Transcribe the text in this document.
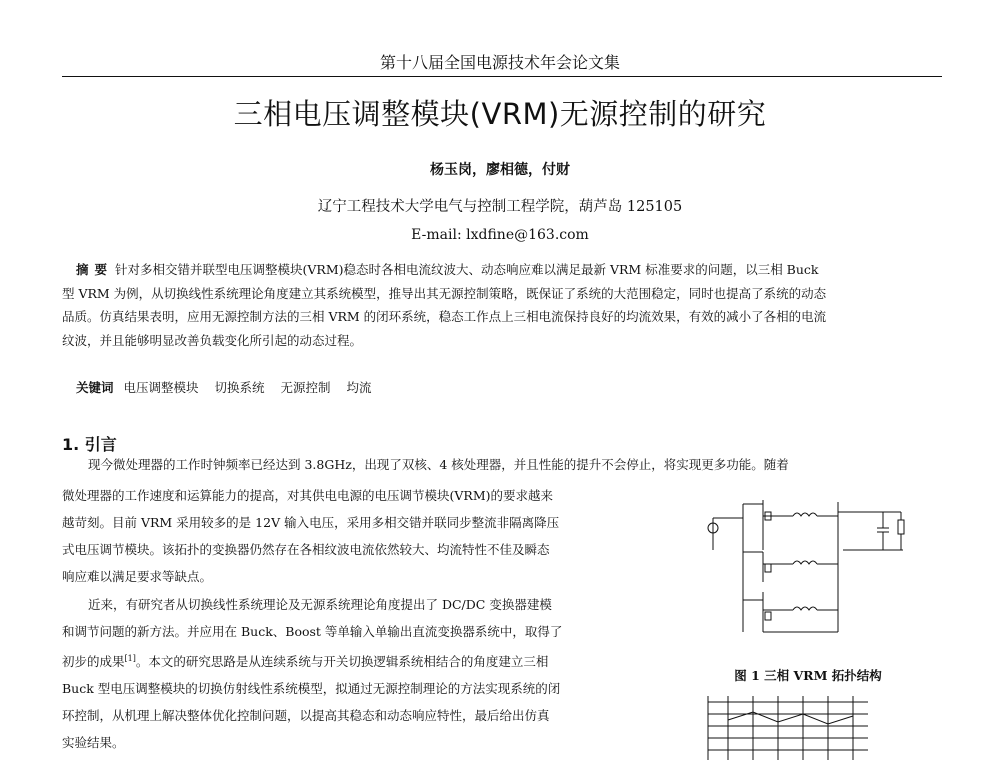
第十八届全国电源技术年会论文集
三相电压调整模块(VRM)无源控制的研究
杨玉岗，廖相德，付财
辽宁工程技术大学电气与控制工程学院，葫芦岛 125105
E-mail: lxdfine@163.com
摘要 针对多相交错并联型电压调整模块(VRM)稳态时各相电流纹波大、动态响应难以满足最新 VRM 标准要求的问题，以三相 Buck
型 VRM 为例，从切换线性系统理论角度建立其系统模型，推导出其无源控制策略，既保证了系统的大范围稳定，同时也提高了系统的动态
品质。仿真结果表明，应用无源控制方法的三相 VRM 的闭环系统，稳态工作点上三相电流保持良好的均流效果，有效的减小了各相的电流
纹波，并且能够明显改善负载变化所引起的动态过程。
关键词 电压调整模块 切换系统 无源控制 均流
1. 引言
现今微处理器的工作时钟频率已经达到 3.8GHz，出现了双核、4 核处理器，并且性能的提升不会停止，将实现更多功能。随着
微处理器的工作速度和运算能力的提高，对其供电电源的电压调节模块(VRM)的要求越来
越苛刻。目前 VRM 采用较多的是 12V 输入电压，采用多相交错并联同步整流非隔离降压
式电压调节模块。该拓扑的变换器仍然存在各相纹波电流依然较大、均流特性不佳及瞬态
响应难以满足要求等缺点。
近来，有研究者从切换线性系统理论及无源系统理论角度提出了 DC/DC 变换器建模
和调节问题的新方法。并应用在 Buck、Boost 等单输入单输出直流变换器系统中，取得了
初步的成果[1]。本文的研究思路是从连续系统与开关切换逻辑系统相结合的角度建立三相
Buck 型电压调整模块的切换仿射线性系统模型，拟通过无源控制理论的方法实现系统的闭
环控制，从机理上解决整体优化控制问题，以提高其稳态和动态响应特性，最后给出仿真
实验结果。
图 1 三相 VRM 拓扑结构
